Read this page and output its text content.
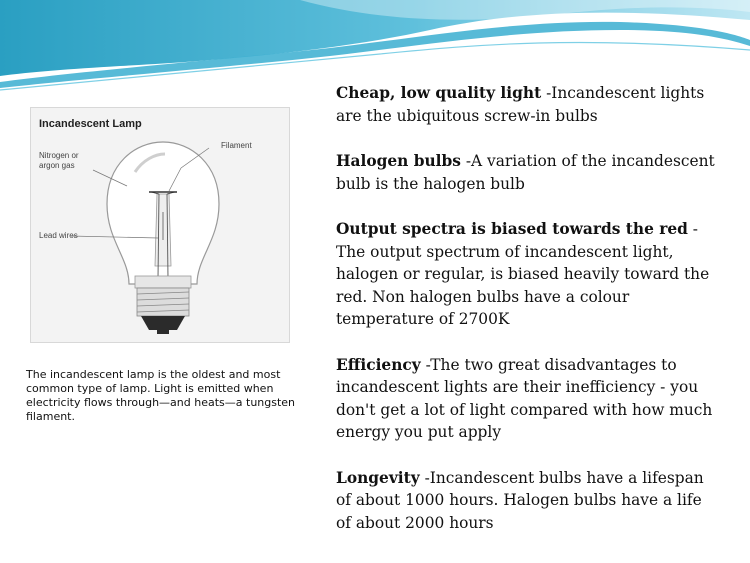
Incandescent Lamp
Filament
Nitrogen or
argon gas
Lead wires
The incandescent lamp is the oldest and most common type of lamp. Light is emitted when electricity flows through—and heats—a tungsten filament.

Cheap, low quality light -Incandescent lights are the ubiquitous screw-in bulbs

Halogen bulbs -A variation of the incandescent bulb is the halogen bulb

Output spectra is biased towards the red - The output spectrum of incandescent light, halogen or regular, is biased heavily toward the red. Non halogen bulbs have a colour temperature of 2700K

Efficiency -The two great disadvantages to incandescent lights are their inefficiency - you don't get a lot of light compared with how much energy you put apply

Longevity -Incandescent bulbs have a lifespan of about 1000 hours. Halogen bulbs have a life of about 2000 hours
